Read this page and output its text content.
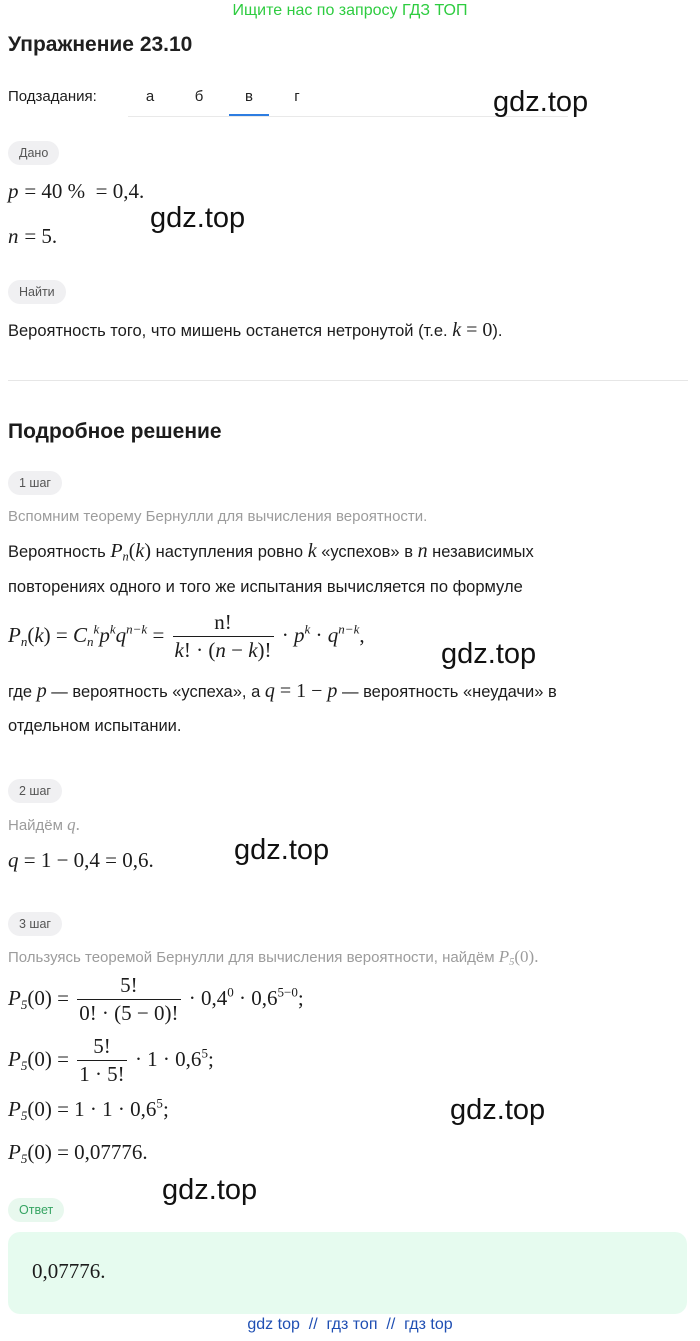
Ищите нас по запросу ГДЗ ТОП
Упражнение 23.10
Подзадания:	а	б	в	г	gdz.top
Дано
p = 40 %  = 0,4.
n = 5.
gdz.top
Найти
Вероятность того, что мишень останется нетронутой (т.е. k = 0).
Подробное решение
1 шаг
Вспомним теорему Бернулли для вычисления вероятности.
Вероятность $P_n(k)$ наступления ровно k «успехов» в n независимых
повторениях одного и того же испытания вычисляется по формуле
$P_n(k) = C_n^kp^kq^{n-k} = \frac{n!}{k! \cdot (n - k)!} \cdot p^k \cdot q^{n-k}$,
gdz.top
где p — вероятность «успеха», а q = 1 − p — вероятность «неудачи» в
отдельном испытании.
2 шаг
Найдём q.
q = 1 − 0,4 = 0,6.	gdz.top
3 шаг
Пользуясь теоремой Бернулли для вычисления вероятности, найдём $P_5(0)$.
$P_5(0) = \frac{5!}{0! \cdot (5 - 0)!} \cdot 0,4^0 \cdot 0,6^{5-0}$;
$P_5(0) = \frac{5!}{1 \cdot 5!} \cdot 1 \cdot 0,6^5$;
$P_5(0) = 1 \cdot 1 \cdot 0,6^5$;
$P_5(0) = 0,07776$.
gdz.top
gdz.top
Ответ
0,07776.
gdz top  //  гдз топ  //  гдз top
